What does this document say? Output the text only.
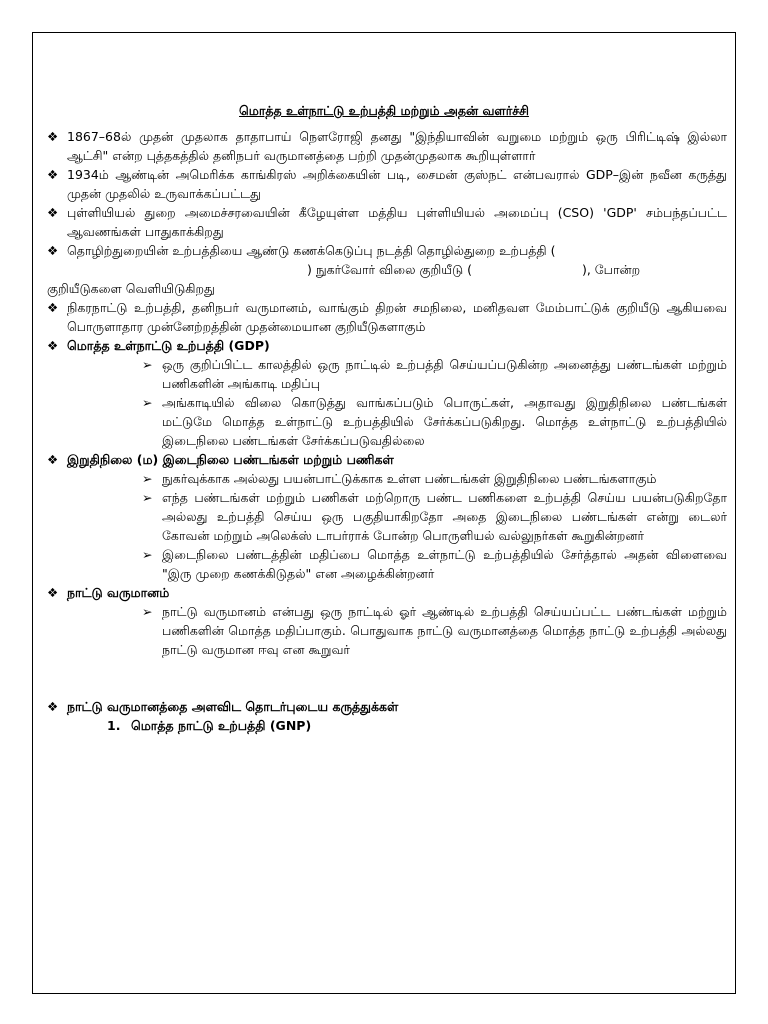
மொத்த உள்நாட்டு உற்பத்தி மற்றும் அதன் வளர்ச்சி
❖ 1867–68ல் முதன் முதலாக தாதாபாய் நௌரோஜி தனது "இந்தியாவின் வறுமை மற்றும் ஒரு பிரிட்டிஷ் இல்லா ஆட்சி" என்ற புத்தகத்தில் தனிநபர் வருமானத்தை பற்றி முதன்முதலாக கூறியுள்ளார்
❖ 1934ம் ஆண்டின் அமெரிக்க காங்கிரஸ் அறிக்கையின் படி, சைமன் குஸ்நட் என்பவரால் GDP–இன் நவீன கருத்து முதன் முதலில் உருவாக்கப்பட்டது
❖ புள்ளியியல் துறை அமைச்சரவையின் கீழேயுள்ள மத்திய புள்ளியியல் அமைப்பு (CSO) 'GDP' சம்பந்தப்பட்ட ஆவணங்கள் பாதுகாக்கிறது
❖ தொழிற்துறையின் உற்பத்தியை ஆண்டு கணக்கெடுப்பு நடத்தி தொழில்துறை உற்பத்தி (
) நுகர்வோர் விலை குறியீடு (	), போன்ற
குறியீடுகளை வெளியிடுகிறது
❖ நிகரநாட்டு உற்பத்தி, தனிநபர் வருமானம், வாங்கும் திறன் சமநிலை, மனிதவள மேம்பாட்டுக் குறியீடு ஆகியவை பொருளாதார முன்னேற்றத்தின் முதன்மையான குறியீடுகளாகும்
❖ மொத்த உள்நாட்டு உற்பத்தி (GDP)
➢ ஒரு குறிப்பிட்ட காலத்தில் ஒரு நாட்டில் உற்பத்தி செய்யப்படுகின்ற அனைத்து பண்டங்கள் மற்றும் பணிகளின் அங்காடி மதிப்பு
➢ அங்காடியில் விலை கொடுத்து வாங்கப்படும் பொருட்கள், அதாவது இறுதிநிலை பண்டங்கள் மட்டுமே மொத்த உள்நாட்டு உற்பத்தியில் சேர்க்கப்படுகிறது. மொத்த உள்நாட்டு உற்பத்தியில் இடைநிலை பண்டங்கள் சேர்க்கப்படுவதில்லை
❖ இறுதிநிலை (ம) இடைநிலை பண்டங்கள் மற்றும் பணிகள்
➢ நுகர்வுக்காக அல்லது பயன்பாட்டுக்காக உள்ள பண்டங்கள் இறுதிநிலை பண்டங்களாகும்
➢ எந்த பண்டங்கள் மற்றும் பணிகள் மற்றொரு பண்ட பணிகளை உற்பத்தி செய்ய பயன்படுகிறதோ அல்லது உற்பத்தி செய்ய ஒரு பகுதியாகிறதோ அதை இடைநிலை பண்டங்கள் என்று டைலர் கோவன் மற்றும் அலெக்ஸ் டாபர்ராக் போன்ற பொருளியல் வல்லுநர்கள் கூறுகின்றனர்
➢ இடைநிலை பண்டத்தின் மதிப்பை மொத்த உள்நாட்டு உற்பத்தியில் சேர்த்தால் அதன் விளைவை "இரு முறை கணக்கிடுதல்" என அழைக்கின்றனர்
❖ நாட்டு வருமானம்
➢ நாட்டு வருமானம் என்பது ஒரு நாட்டில் ஓர் ஆண்டில் உற்பத்தி செய்யப்பட்ட பண்டங்கள் மற்றும் பணிகளின் மொத்த மதிப்பாகும். பொதுவாக நாட்டு வருமானத்தை மொத்த நாட்டு உற்பத்தி அல்லது நாட்டு வருமான ஈவு என கூறுவர்
❖ நாட்டு வருமானத்தை அளவிட தொடர்புடைய கருத்துக்கள்
1. மொத்த நாட்டு உற்பத்தி (GNP)
